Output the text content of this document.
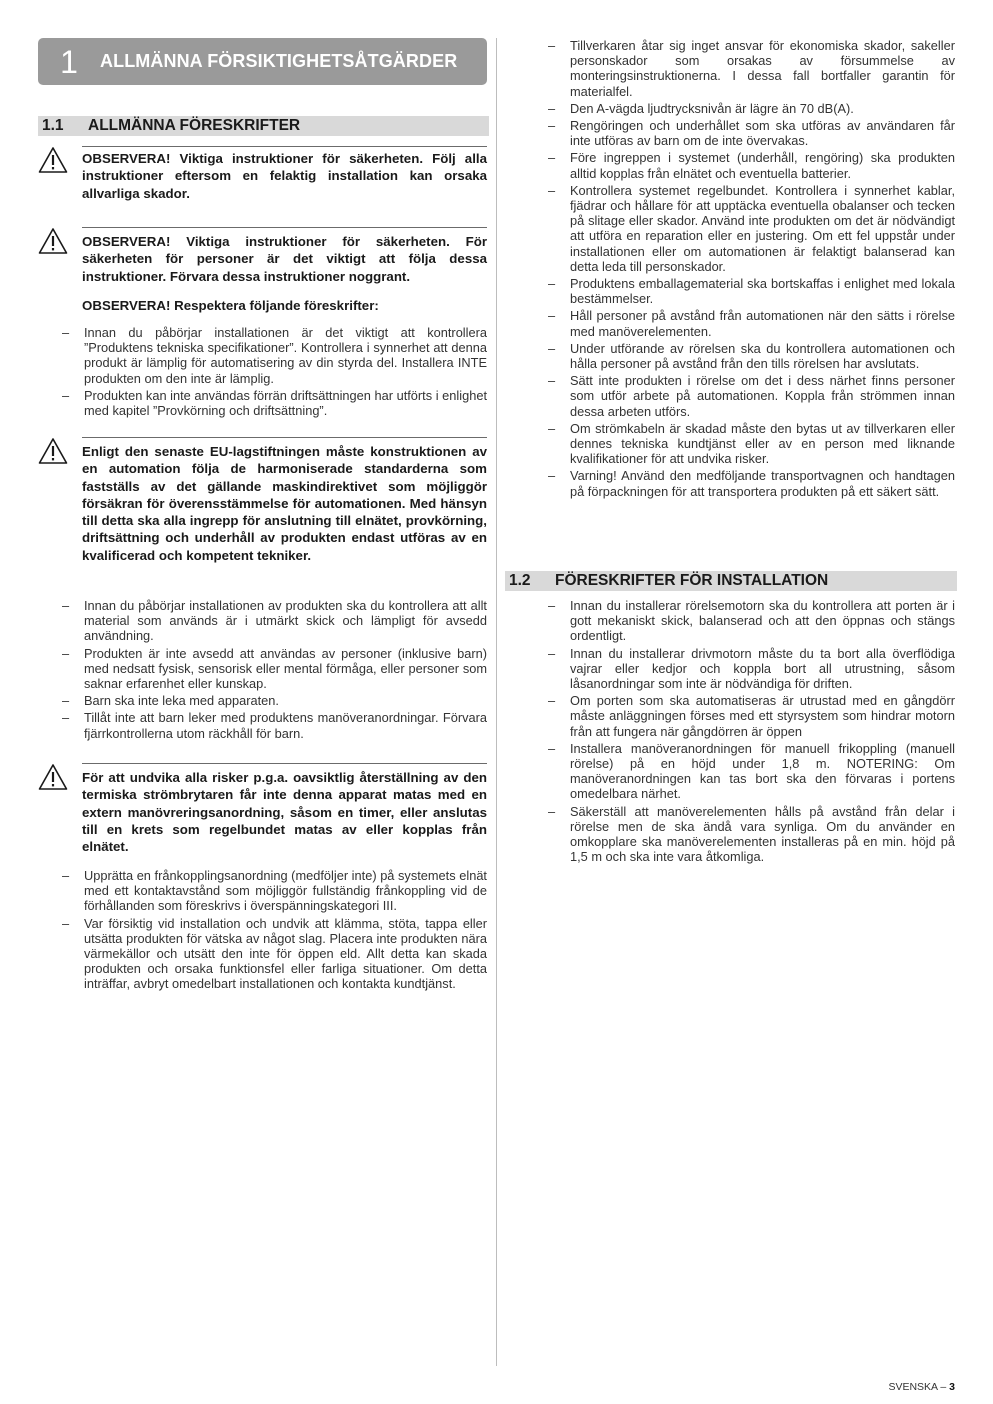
1	ALLMÄNNA FÖRSIKTIGHETSÅTGÄRDER
1.1	ALLMÄNNA FÖRESKRIFTER
OBSERVERA! Viktiga instruktioner för säkerheten. Följ alla instruktioner eftersom en felaktig installation kan orsaka allvarliga skador.
OBSERVERA! Viktiga instruktioner för säkerheten. För säkerheten för personer är det viktigt att följa dessa instruktioner. Förvara dessa instruktioner noggrant.
OBSERVERA! Respektera följande föreskrifter:
– Innan du påbörjar installationen är det viktigt att kontrollera ”Produktens tekniska specifikationer”. Kontrollera i synnerhet att denna produkt är lämplig för automatisering av din styrda del. Installera INTE produkten om den inte är lämplig.
– Produkten kan inte användas förrän driftsättningen har utförts i enlighet med kapitel ”Provkörning och driftsättning”.
Enligt den senaste EU-lagstiftningen måste konstruktionen av en automation följa de harmoniserade standarderna som fastställs av det gällande maskindirektivet som möjliggör försäkran för överensstämmelse för automationen. Med hänsyn till detta ska alla ingrepp för anslutning till elnätet, provkörning, driftsättning och underhåll av produkten endast utföras av en kvalificerad och kompetent tekniker.
– Innan du påbörjar installationen av produkten ska du kontrollera att allt material som används är i utmärkt skick och lämpligt för avsedd användning.
– Produkten är inte avsedd att användas av personer (inklusive barn) med nedsatt fysisk, sensorisk eller mental förmåga, eller personer som saknar erfarenhet eller kunskap.
– Barn ska inte leka med apparaten.
– Tillåt inte att barn leker med produktens manöveranordningar. Förvara fjärrkontrollerna utom räckhåll för barn.
För att undvika alla risker p.g.a. oavsiktlig återställning av den termiska strömbrytaren får inte denna apparat matas med en extern manövreringsanordning, såsom en timer, eller anslutas till en krets som regelbundet matas av eller kopplas från elnätet.
– Upprätta en frånkopplingsanordning (medföljer inte) på systemets elnät med ett kontaktavstånd som möjliggör fullständig frånkoppling vid de förhållanden som föreskrivs i överspänningskategori III.
– Var försiktig vid installation och undvik att klämma, stöta, tappa eller utsätta produkten för vätska av något slag. Placera inte produkten nära värmekällor och utsätt den inte för öppen eld. Allt detta kan skada produkten och orsaka funktionsfel eller farliga situationer. Om detta inträffar, avbryt omedelbart installationen och kontakta kundtjänst.
– Tillverkaren åtar sig inget ansvar för ekonomiska skador, sakeller personskador som orsakas av försummelse av monteringsinstruktionerna. I dessa fall bortfaller garantin för materialfel.
– Den A-vägda ljudtrycksnivån är lägre än 70 dB(A).
– Rengöringen och underhållet som ska utföras av användaren får inte utföras av barn om de inte övervakas.
– Före ingreppen i systemet (underhåll, rengöring) ska produkten alltid kopplas från elnätet och eventuella batterier.
– Kontrollera systemet regelbundet. Kontrollera i synnerhet kablar, fjädrar och hållare för att upptäcka eventuella obalanser och tecken på slitage eller skador. Använd inte produkten om det är nödvändigt att utföra en reparation eller en justering. Om ett fel uppstår under installationen eller om automationen är felaktigt balanserad kan detta leda till personskador.
– Produktens emballagematerial ska bortskaffas i enlighet med lokala bestämmelser.
– Håll personer på avstånd från automationen när den sätts i rörelse med manöverelementen.
– Under utförande av rörelsen ska du kontrollera automationen och hålla personer på avstånd från den tills rörelsen har avslutats.
– Sätt inte produkten i rörelse om det i dess närhet finns personer som utför arbete på automationen. Koppla från strömmen innan dessa arbeten utförs.
– Om strömkabeln är skadad måste den bytas ut av tillverkaren eller dennes tekniska kundtjänst eller av en person med liknande kvalifikationer för att undvika risker.
– Varning! Använd den medföljande transportvagnen och handtagen på förpackningen för att transportera produkten på ett säkert sätt.
1.2	FÖRESKRIFTER FÖR INSTALLATION
– Innan du installerar rörelsemotorn ska du kontrollera att porten är i gott mekaniskt skick, balanserad och att den öppnas och stängs ordentligt.
– Innan du installerar drivmotorn måste du ta bort alla överflödiga vajrar eller kedjor och koppla bort all utrustning, såsom låsanordningar som inte är nödvändiga för driften.
– Om porten som ska automatiseras är utrustad med en gångdörr måste anläggningen förses med ett styrsystem som hindrar motorn från att fungera när gångdörren är öppen
– Installera manöveranordningen för manuell frikoppling (manuell rörelse) på en höjd under 1,8 m. NOTERING: Om manöveranordningen kan tas bort ska den förvaras i portens omedelbara närhet.
– Säkerställ att manöverelementen hålls på avstånd från delar i rörelse men de ska ändå vara synliga. Om du använder en omkopplare ska manöverelementen installeras på en min. höjd på 1,5 m och ska inte vara åtkomliga.
SVENSKA – 3
